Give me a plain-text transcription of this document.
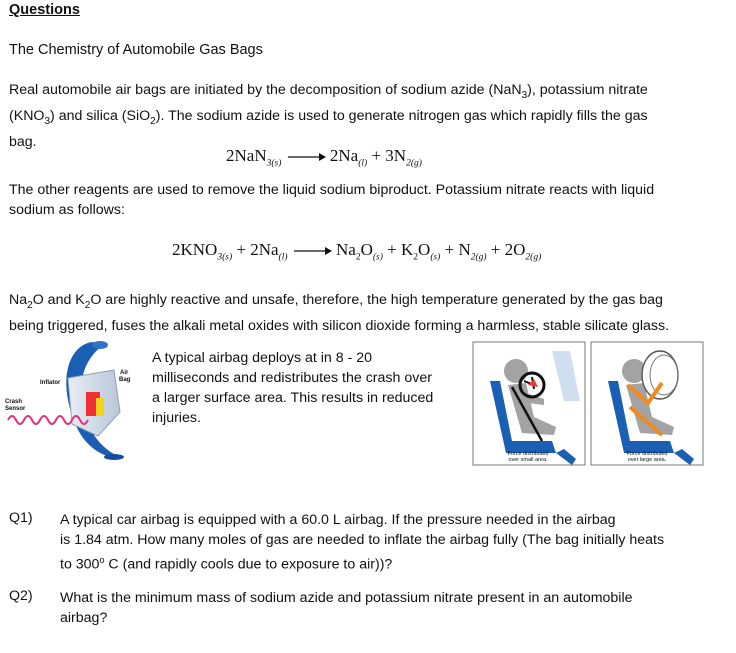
Questions
The Chemistry of Automobile Gas Bags
Real automobile air bags are initiated by the decomposition of sodium azide (NaN$_3$), potassium nitrate
$(KNO_3)$ and silica (SiO$_2$). The sodium azide is used to generate nitrogen gas which rapidly fills the gas
bag.
$2NaN_{3(s)} \to 2Na_{(l)} + 3N_{2(g)}$
The other reagents are used to remove the liquid sodium biproduct. Potassium nitrate reacts with liquid
sodium as follows:
$2KNO_{3(s)} + 2Na_{(l)} \to Na_2O_{(s)} + K_2O_{(s)} + N_{2(g)} + 2O_{2(g)}$
$Na_2O$ and $K_2O$ are highly reactive and unsafe, therefore, the high temperature generated by the gas bag
being triggered, fuses the alkali metal oxides with silicon dioxide forming a harmless, stable silicate glass.
Inflator
Air
Bag
Crash
Sensor
A typical airbag deploys at in 8 - 20
milliseconds and redistributes the crash over
a larger surface area. This results in reduced
injuries.
Force distributed
over small area.
Force distributed
over large area.
Q1) A typical car airbag is equipped with a 60.0 L airbag. If the pressure needed in the airbag
is 1.84 atm. How many moles of gas are needed to inflate the airbag fully (The bag initially heats
to 300$^o$ C (and rapidly cools due to exposure to air))?
Q2) What is the minimum mass of sodium azide and potassium nitrate present in an automobile
airbag?
